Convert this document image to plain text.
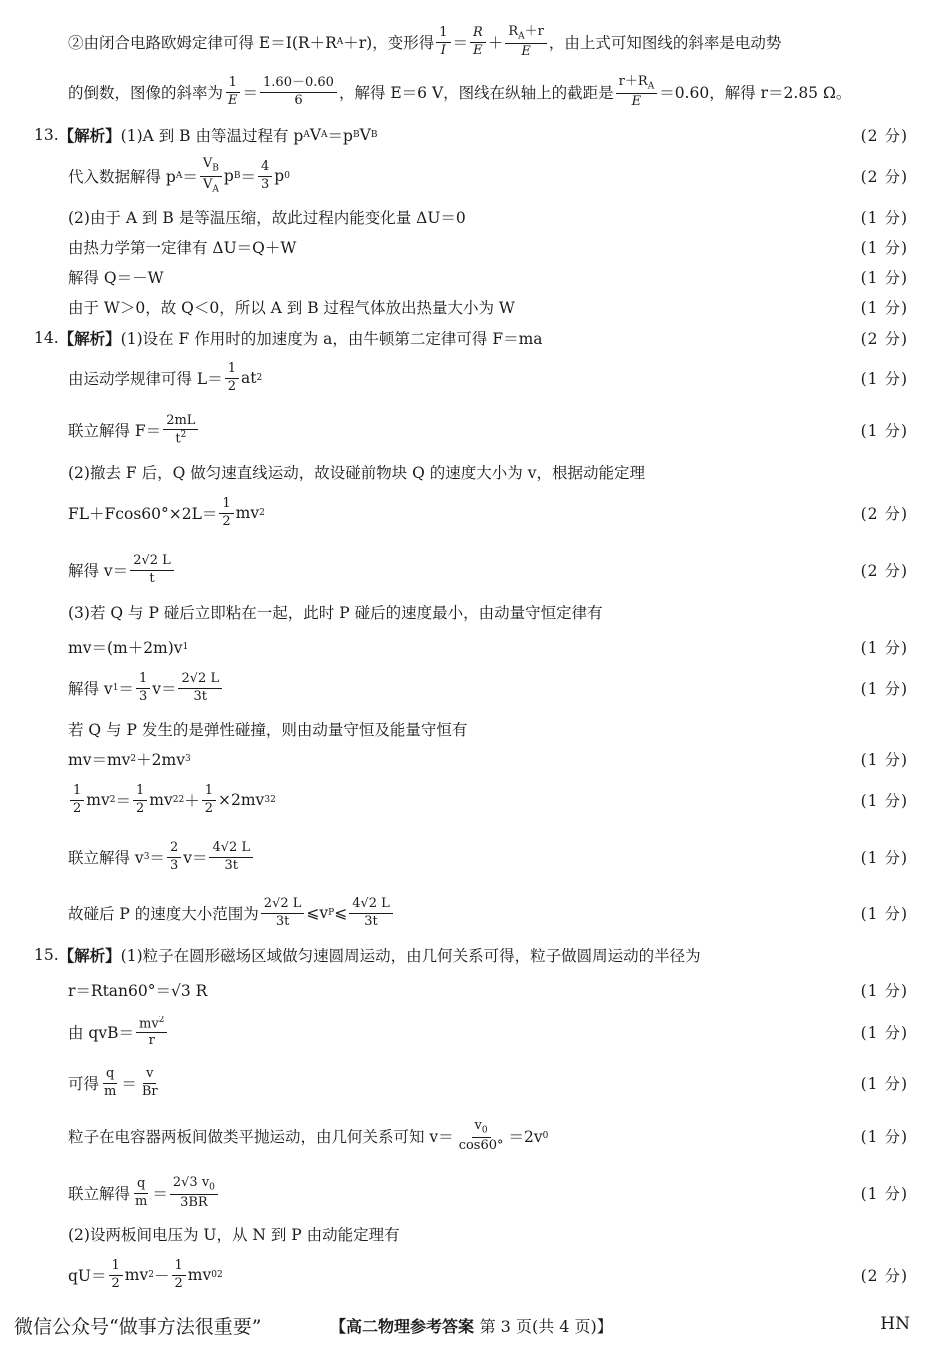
②由闭合电路欧姆定律可得 E＝I(R＋R A ＋r)，变形得 $\frac{1}{I} = \frac{R}{E} + \frac{R_A+r}{E}$ ，由上式可知图线的斜率是电动势
的倒数，图像的斜率为 $\frac{1}{E} = \frac{1.60-0.60}{6}$ ，解得 E＝6 V，图线在纵轴上的截距是 $\frac{r+R_A}{E} =0.60$，解得 r＝2.85 Ω。
13. 【解析】 (1)A 到 B 由等温过程有 p A V A ＝p B V B	(2 分)
代入数据解得 p $A = \frac{V_B}{V_A}$ p $B = \frac{4}{3}$ p 0	(2 分)
(2)由于 A 到 B 是等温压缩，故此过程内能变化量 ΔU＝0	(1 分)
由热力学第一定律有 ΔU＝Q＋W	(1 分)
解得 Q＝－W	(1 分)
由于 W＞0，故 Q＜0，所以 A 到 B 过程气体放出热量大小为 W	(1 分)
14. 【解析】 (1)设在 F 作用时的加速度为 a，由牛顿第二定律可得 F＝ma	(2 分)
由运动学规律可得 $L= \frac{1}{2}$ at 2	(1 分)
联立解得 $F= \frac{2mL}{t^2}$	(1 分)
(2)撤去 F 后，Q 做匀速直线运动，故设碰前物块 Q 的速度大小为 v，根据动能定理
$FL+Fcos60^\circ\times 2L= \frac{1}{2}$ mv 2	(2 分)
解得 $v= \frac{2√2 L}{t}$	(2 分)
(3)若 Q 与 P 碰后立即粘在一起，此时 P 碰后的速度最小，由动量守恒定律有
mv＝(m＋2m)v 1	(1 分)
解得 v $1 = \frac{1}{3} v= \frac{2√2 L}{3t}$	(1 分)
若 Q 与 P 发生的是弹性碰撞，则由动量守恒及能量守恒有
mv＝mv 2 ＋2mv 3	(1 分)
$\frac{1}{2}$ mv $2 = \frac{1}{2}$ mv 2 $2 + \frac{1}{2} \times 2mv$ 3 2	(1 分)
联立解得 v $3 = \frac{2}{3} v= \frac{4√2 L}{3t}$	(1 分)
故碰后 P 的速度大小范围为 $\frac{2√2 L}{3t}$ ⩽v P ⩽ $\frac{4√2 L}{3t}$	(1 分)
15. 【解析】 (1)粒子在圆形磁场区域做匀速圆周运动，由几何关系可得，粒子做圆周运动的半径为
r＝Rtan60°＝√3 R	(1 分)
由 $qvB= \frac{mv^2}{r}$	(1 分)
可得 $\frac{q}{m} = \frac{v}{Br}$	(1 分)
粒子在电容器两板间做类平抛运动，由几何关系可知 $v= \frac{v_0}{\cos 60^\circ} =2v$ 0	(1 分)
联立解得 $\frac{q}{m} = \frac{2√3 v_0}{3BR}$	(1 分)
(2)设两板间电压为 U，从 N 到 P 由动能定理有
$qU= \frac{1}{2}$ mv $2 - \frac{1}{2}$ mv 0 2	(2 分)
微信公众号“做事方法很重要”	【高二物理参考答案 第 3 页(共 4 页)】	HN
